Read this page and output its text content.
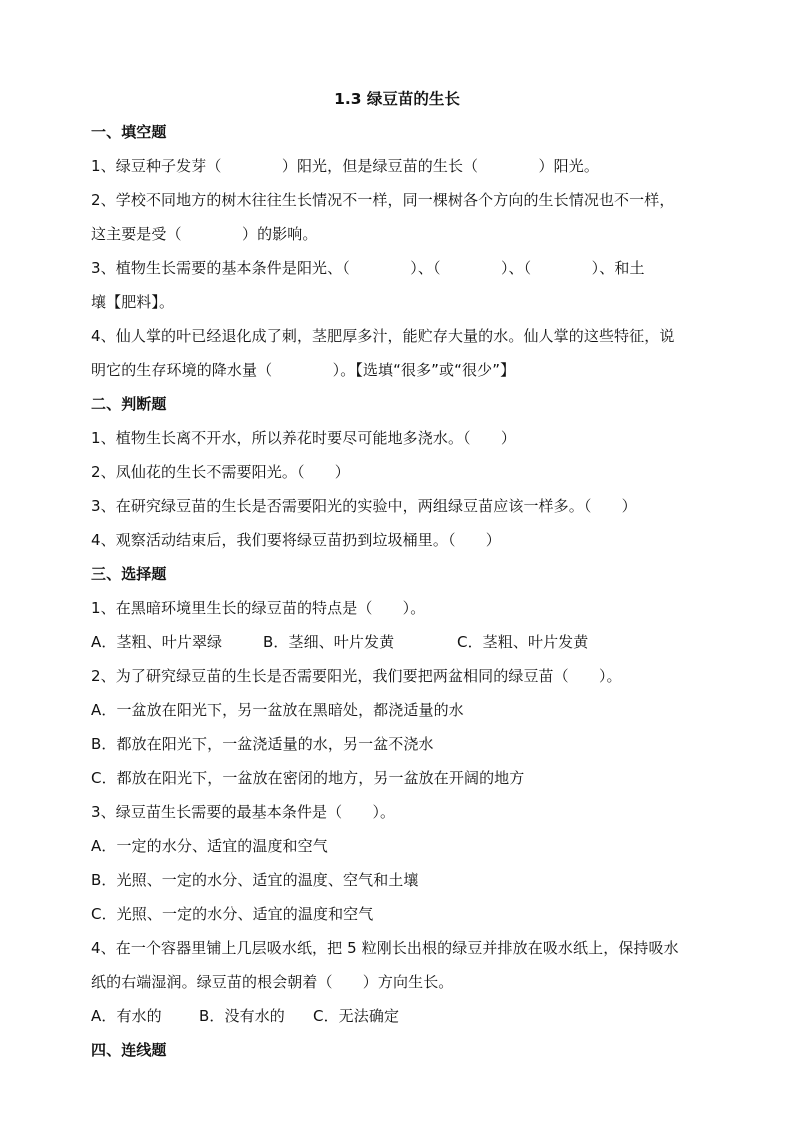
1.3 绿豆苗的生长
一、填空题
1、绿豆种子发芽（　　　　）阳光，但是绿豆苗的生长（　　　　）阳光。
2、学校不同地方的树木往往生长情况不一样，同一棵树各个方向的生长情况也不一样，
这主要是受（　　　　）的影响。
3、植物生长需要的基本条件是阳光、（　　　　）、（　　　　）、（　　　　）、和土
壤【肥料】。
4、仙人掌的叶已经退化成了刺，茎肥厚多汁，能贮存大量的水。仙人掌的这些特征，说
明它的生存环境的降水量（　　　　）。【选填“很多”或“很少”】
二、判断题
1、植物生长离不开水，所以养花时要尽可能地多浇水。（　　）
2、凤仙花的生长不需要阳光。（　　）
3、在研究绿豆苗的生长是否需要阳光的实验中，两组绿豆苗应该一样多。（　　）
4、观察活动结束后，我们要将绿豆苗扔到垃圾桶里。（　　）
三、选择题
1、在黑暗环境里生长的绿豆苗的特点是（　　）。
A．茎粗、叶片翠绿	B．茎细、叶片发黄	C．茎粗、叶片发黄
2、为了研究绿豆苗的生长是否需要阳光，我们要把两盆相同的绿豆苗（　　）。
A．一盆放在阳光下，另一盆放在黑暗处，都浇适量的水
B．都放在阳光下，一盆浇适量的水，另一盆不浇水
C．都放在阳光下，一盆放在密闭的地方，另一盆放在开阔的地方
3、绿豆苗生长需要的最基本条件是（　　）。
A．一定的水分、适宜的温度和空气
B．光照、一定的水分、适宜的温度、空气和土壤
C．光照、一定的水分、适宜的温度和空气
4、在一个容器里铺上几层吸水纸，把 5 粒刚长出根的绿豆并排放在吸水纸上，保持吸水
纸的右端湿润。绿豆苗的根会朝着（　　）方向生长。
A．有水的	B．没有水的	C．无法确定
四、连线题
